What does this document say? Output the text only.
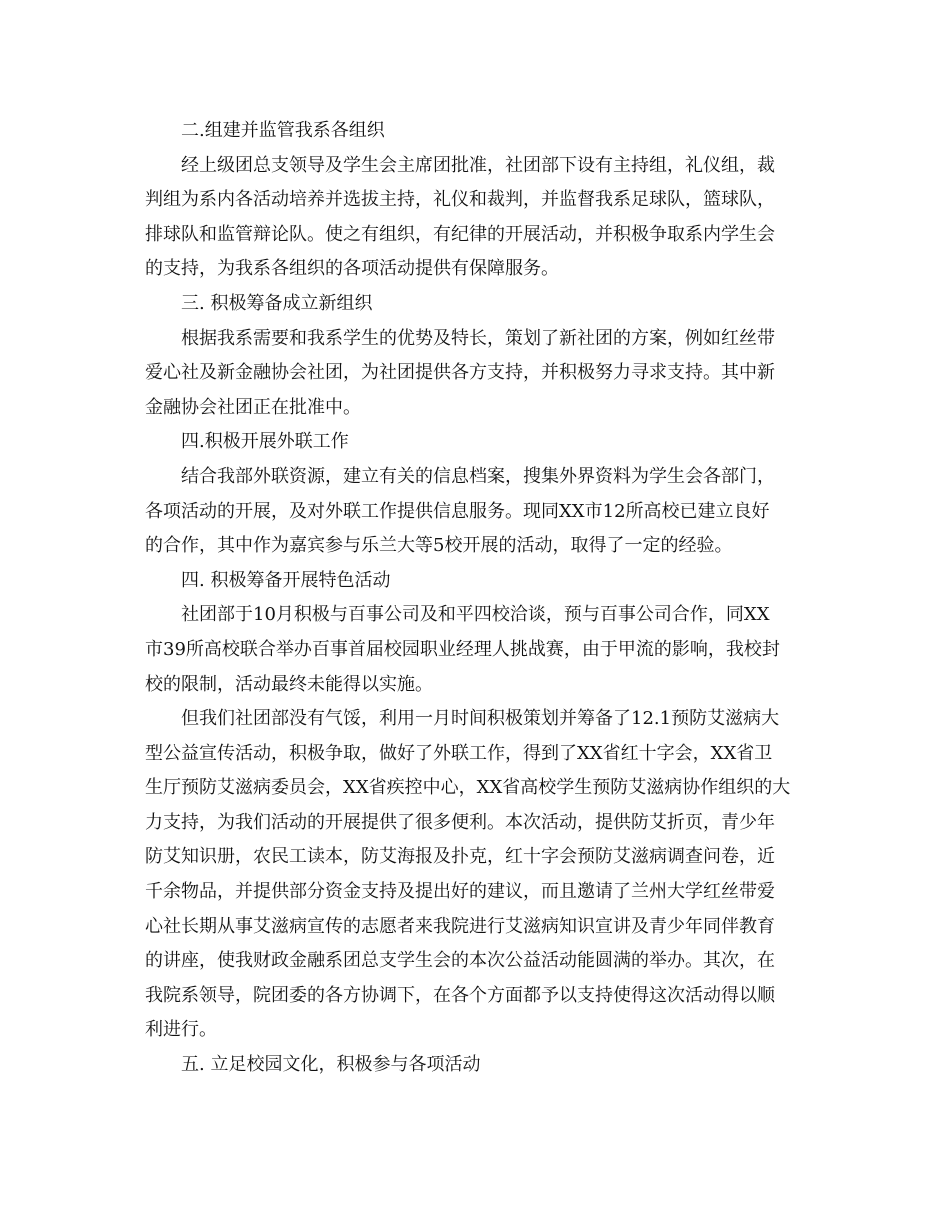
二.组建并监管我系各组织
经上级团总支领导及学生会主席团批准，社团部下设有主持组，礼仪组，裁
判组为系内各活动培养并选拔主持，礼仪和裁判，并监督我系足球队，篮球队，
排球队和监管辩论队。使之有组织，有纪律的开展活动，并积极争取系内学生会
的支持，为我系各组织的各项活动提供有保障服务。
三. 积极筹备成立新组织
根据我系需要和我系学生的优势及特长，策划了新社团的方案，例如红丝带
爱心社及新金融协会社团，为社团提供各方支持，并积极努力寻求支持。其中新
金融协会社团正在批准中。
四.积极开展外联工作
结合我部外联资源，建立有关的信息档案，搜集外界资料为学生会各部门，
各项活动的开展，及对外联工作提供信息服务。现同XX市12所高校已建立良好
的合作，其中作为嘉宾参与乐兰大等5校开展的活动，取得了一定的经验。
四. 积极筹备开展特色活动
社团部于10月积极与百事公司及和平四校洽谈，预与百事公司合作，同XX
市39所高校联合举办百事首届校园职业经理人挑战赛，由于甲流的影响，我校封
校的限制，活动最终未能得以实施。
但我们社团部没有气馁，利用一月时间积极策划并筹备了12.1预防艾滋病大
型公益宣传活动，积极争取，做好了外联工作，得到了XX省红十字会，XX省卫
生厅预防艾滋病委员会，XX省疾控中心，XX省高校学生预防艾滋病协作组织的大
力支持，为我们活动的开展提供了很多便利。本次活动，提供防艾折页，青少年
防艾知识册，农民工读本，防艾海报及扑克，红十字会预防艾滋病调查问卷，近
千余物品，并提供部分资金支持及提出好的建议，而且邀请了兰州大学红丝带爱
心社长期从事艾滋病宣传的志愿者来我院进行艾滋病知识宣讲及青少年同伴教育
的讲座，使我财政金融系团总支学生会的本次公益活动能圆满的举办。其次，在
我院系领导，院团委的各方协调下，在各个方面都予以支持使得这次活动得以顺
利进行。
五. 立足校园文化，积极参与各项活动
